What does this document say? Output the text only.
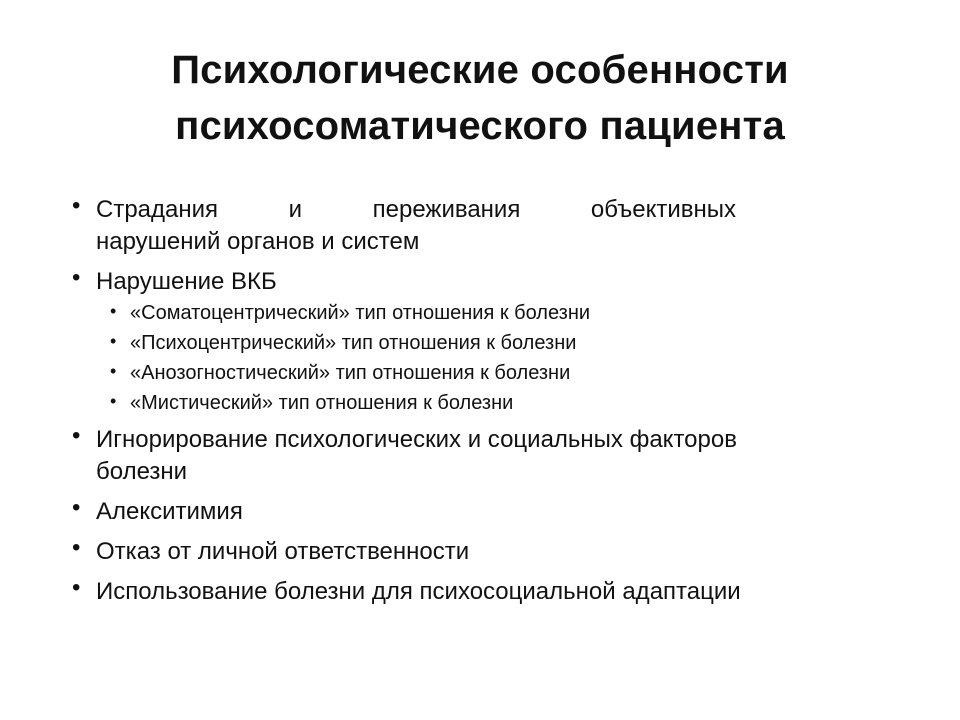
Психологические особенности
психосоматического пациента
• Страдания и переживания объективных
нарушений органов и систем
• Нарушение ВКБ
• «Соматоцентрический» тип отношения к болезни
• «Психоцентрический» тип отношения к болезни
• «Анозогностический» тип отношения к болезни
• «Мистический» тип отношения к болезни
• Игнорирование психологических и социальных факторов
болезни
• Алекситимия
• Отказ от личной ответственности
• Использование болезни для психосоциальной адаптации
